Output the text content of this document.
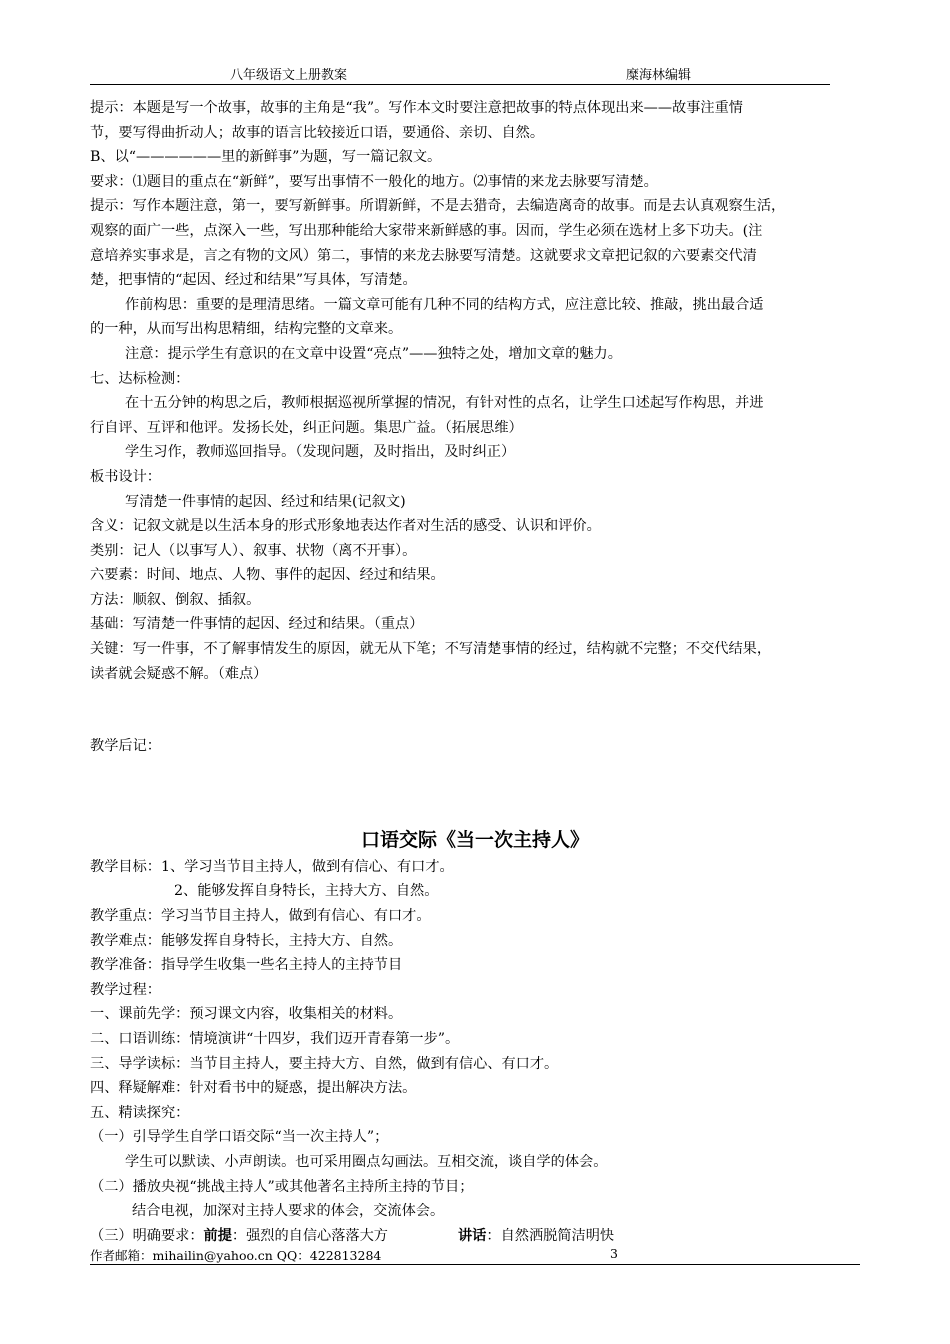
八年级语文上册教案	糜海林编辑

提示：本题是写一个故事，故事的主角是“我”。写作本文时要注意把故事的特点体现出来——故事注重情

节，要写得曲折动人；故事的语言比较接近口语，要通俗、亲切、自然。

B、以“——————里的新鲜事”为题，写一篇记叙文。

要求：⑴题目的重点在“新鲜”，要写出事情不一般化的地方。⑵事情的来龙去脉要写清楚。

提示：写作本题注意，第一，要写新鲜事。所谓新鲜，不是去猎奇，去编造离奇的故事。而是去认真观察生活，

观察的面广一些，点深入一些，写出那种能给大家带来新鲜感的事。因而，学生必须在选材上多下功夫。(注

意培养实事求是，言之有物的文风）第二，事情的来龙去脉要写清楚。这就要求文章把记叙的六要素交代清

楚，把事情的“起因、经过和结果”写具体，写清楚。

作前构思：重要的是理清思绪。一篇文章可能有几种不同的结构方式，应注意比较、推敲，挑出最合适

的一种，从而写出构思精细，结构完整的文章来。

注意：提示学生有意识的在文章中设置“亮点”——独特之处，增加文章的魅力。

七、达标检测：

在十五分钟的构思之后，教师根据巡视所掌握的情况，有针对性的点名，让学生口述起写作构思，并进

行自评、互评和他评。发扬长处，纠正问题。集思广益。（拓展思维）

学生习作，教师巡回指导。（发现问题，及时指出，及时纠正）

板书设计：

写清楚一件事情的起因、经过和结果(记叙文)

含义：记叙文就是以生活本身的形式形象地表达作者对生活的感受、认识和评价。

类别：记人（以事写人）、叙事、状物（离不开事）。

六要素：时间、地点、人物、事件的起因、经过和结果。

方法：顺叙、倒叙、插叙。

基础：写清楚一件事情的起因、经过和结果。（重点）

关键：写一件事，不了解事情发生的原因，就无从下笔；不写清楚事情的经过，结构就不完整；不交代结果，

读者就会疑惑不解。（难点）

教学后记：

口语交际《当一次主持人》

教学目标：1、学习当节目主持人，做到有信心、有口才。

2、能够发挥自身特长，主持大方、自然。

教学重点：学习当节目主持人，做到有信心、有口才。

教学难点：能够发挥自身特长，主持大方、自然。

教学准备：指导学生收集一些名主持人的主持节目

教学过程：

一、课前先学：预习课文内容，收集相关的材料。

二、口语训练：情境演讲“十四岁，我们迈开青春第一步”。

三、导学读标：当节目主持人，要主持大方、自然，做到有信心、有口才。

四、释疑解难：针对看书中的疑惑，提出解决方法。

五、精读探究：

（一）引导学生自学口语交际“当一次主持人”；

学生可以默读、小声朗读。也可采用圈点勾画法。互相交流，谈自学的体会。

（二）播放央视“挑战主持人”或其他著名主持所主持的节目；

结合电视，加深对主持人要求的体会，交流体会。

（三）明确要求：前提：强烈的自信心落落大方	讲话：自然洒脱简洁明快

作者邮箱：mihailin@yahoo.cn QQ：422813284	3
